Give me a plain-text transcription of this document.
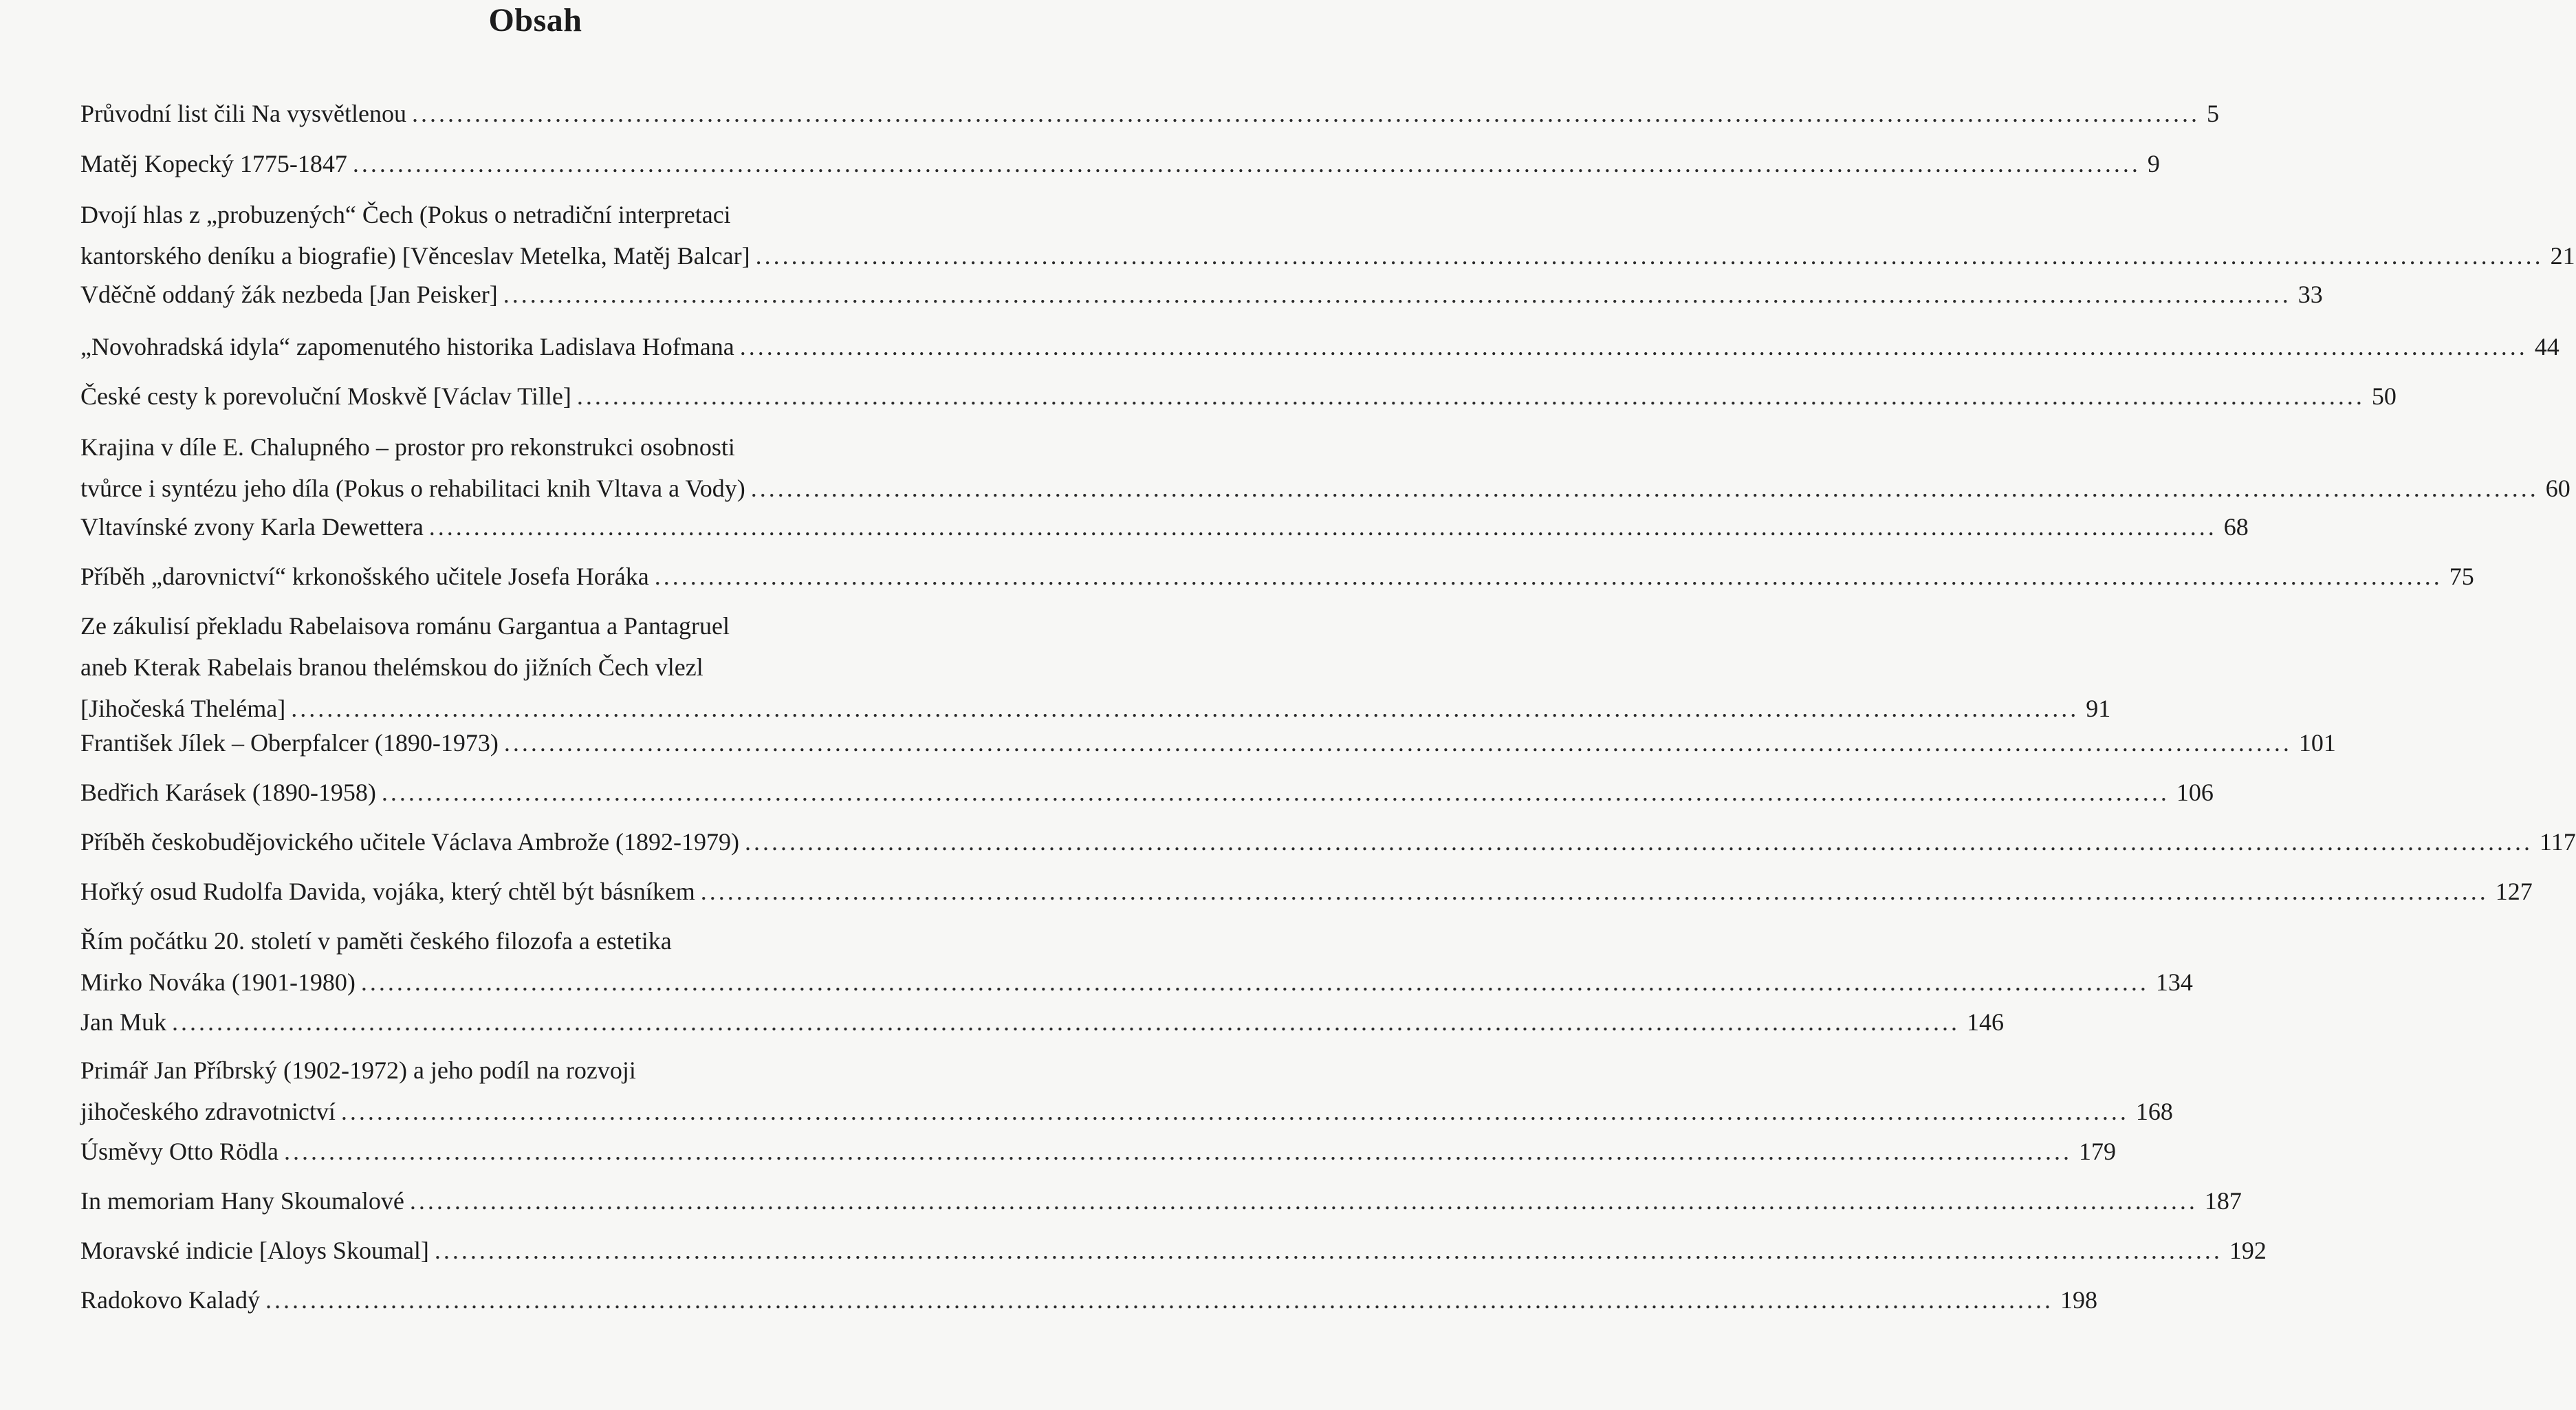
Obsah
Průvodní list čili Na vysvětlenou ........................................................................................................................................................................................................ 5
Matěj Kopecký 1775-1847 ........................................................................................................................................................................................................ 9
Dvojí hlas z „probuzených“ Čech (Pokus o netradiční interpretaci
kantorského deníku a biografie) [Věnceslav Metelka, Matěj Balcar] ........................................................................................................................................................................................................ 21
Vděčně oddaný žák nezbeda [Jan Peisker] ........................................................................................................................................................................................................ 33
„Novohradská idyla“ zapomenutého historika Ladislava Hofmana ........................................................................................................................................................................................................ 44
České cesty k porevoluční Moskvě [Václav Tille] ........................................................................................................................................................................................................ 50
Krajina v díle E. Chalupného – prostor pro rekonstrukci osobnosti
tvůrce i syntézu jeho díla (Pokus o rehabilitaci knih Vltava a Vody) ........................................................................................................................................................................................................ 60
Vltavínské zvony Karla Dewettera ........................................................................................................................................................................................................ 68
Příběh „darovnictví“ krkonošského učitele Josefa Horáka ........................................................................................................................................................................................................ 75
Ze zákulisí překladu Rabelaisova románu Gargantua a Pantagruel
aneb Kterak Rabelais branou thelémskou do jižních Čech vlezl
[Jihočeská Theléma] ........................................................................................................................................................................................................ 91
František Jílek – Oberpfalcer (1890-1973) ........................................................................................................................................................................................................ 101
Bedřich Karásek (1890-1958) ........................................................................................................................................................................................................ 106
Příběh českobudějovického učitele Václava Ambrože (1892-1979) ........................................................................................................................................................................................................ 117
Hořký osud Rudolfa Davida, vojáka, který chtěl být básníkem ........................................................................................................................................................................................................ 127
Řím počátku 20. století v paměti českého filozofa a estetika
Mirko Nováka (1901-1980) ........................................................................................................................................................................................................ 134
Jan Muk ........................................................................................................................................................................................................ 146
Primář Jan Příbrský (1902-1972) a jeho podíl na rozvoji
jihočeského zdravotnictví ........................................................................................................................................................................................................ 168
Úsměvy Otto Rödla ........................................................................................................................................................................................................ 179
In memoriam Hany Skoumalové ........................................................................................................................................................................................................ 187
Moravské indicie [Aloys Skoumal] ........................................................................................................................................................................................................ 192
Radokovo Kaladý ........................................................................................................................................................................................................ 198
